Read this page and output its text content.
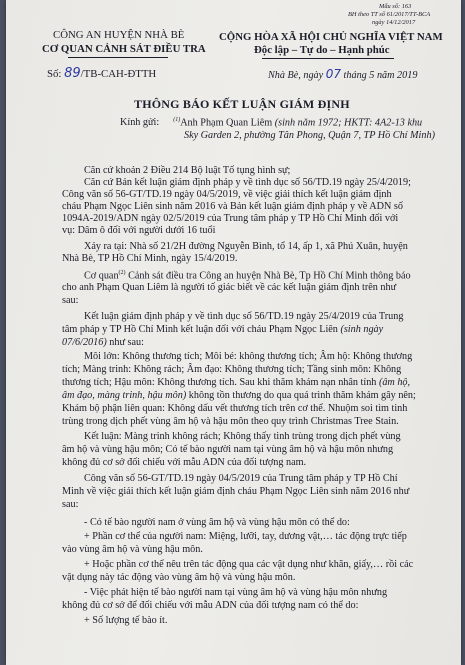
Mẫu số: 163
BH theo TT số 61/2017/TT-BCA
ngày 14/12/2017
CÔNG AN HUYỆN NHÀ BÈ
CƠ QUAN CẢNH SÁT ĐIỀU TRA
Số: 89/TB-CAH-ĐTTH
CỘNG HÒA XÃ HỘI CHỦ NGHĨA VIỆT NAM
Độc lập – Tự do – Hạnh phúc
Nhà Bè, ngày 07 tháng 5 năm 2019
THÔNG BÁO KẾT LUẬN GIÁM ĐỊNH
Kính gửi: $^{(1)}$Anh Phạm Quan Liêm (sinh năm 1972; HKTT: 4A2-13 khu
Sky Garden 2, phường Tân Phong, Quận 7, TP Hồ Chí Minh)
Căn cứ khoản 2 Điều 214 Bộ luật Tố tụng hình sự;
Căn cứ Bản kết luận giám định pháp y về tình dục số 56/TD.19 ngày 25/4/2019;
Công văn số 56-GT/TD.19 ngày 04/5/2019, về việc giải thích kết luận giám định
cháu Phạm Ngọc Liên sinh năm 2016 và Bản kết luận giám định pháp y về ADN số
1094A-2019/ADN ngày 02/5/2019 của Trung tâm pháp y TP Hồ Chí Minh đối với
vụ: Dâm ô đối với người dưới 16 tuổi
Xảy ra tại: Nhà số 21/2H đường Nguyễn Bình, tổ 14, ấp 1, xã Phú Xuân, huyện
Nhà Bè, TP Hồ Chí Minh, ngày 15/4/2019.
Cơ quan$^{(2)}$ Cảnh sát điều tra Công an huyện Nhà Bè, Tp Hồ Chí Minh thông báo
cho anh Phạm Quan Liêm là người tố giác biết về các kết luận giám định trên như
sau:
Kết luận giám định pháp y về tình dục số 56/TD.19 ngày 25/4/2019 của Trung
tâm pháp y TP Hồ Chí Minh kết luận đối với cháu Phạm Ngọc Liên (sinh ngày
07/6/2016) như sau:
Môi lớn: Không thương tích; Môi bé: không thương tích; Âm hộ: Không thương
tích; Màng trinh: Không rách; Âm đạo: Không thương tích; Tầng sinh môn: Không
thương tích; Hậu môn: Không thương tích. Sau khi thăm khám nạn nhân tính (âm hộ,
âm đạo, màng trinh, hậu môn) không tồn thương do qua quá trình thăm khám gây nên;
Khám bộ phận liên quan: Không dấu vết thương tích trên cơ thể. Nhuộm soi tìm tinh
trùng trong dịch phết vùng âm hộ và hậu môn theo quy trình Christmas Tree Stain.
Kết luận: Màng trinh không rách; Không thấy tinh trùng trong dịch phết vùng
âm hộ và vùng hậu môn; Có tế bào người nam tại vùng âm hộ và hậu môn nhưng
không đủ cơ sở đối chiếu với mẫu ADN của đối tượng nam.
Công văn số 56-GT/TD.19 ngày 04/5/2019 của Trung tâm pháp y TP Hồ Chí
Minh về việc giải thích kết luận giám định cháu Phạm Ngọc Liên sinh năm 2016 như
sau:
- Có tế bào người nam ở vùng âm hộ và vùng hậu môn có thể do:
+ Phần cơ thể của người nam: Miệng, lưỡi, tay, dương vật,… tác động trực tiếp
vào vùng âm hộ và vùng hậu môn.
+ Hoặc phần cơ thể nêu trên tác động qua các vật dụng như khăn, giấy,… rồi các
vật dụng này tác động vào vùng âm hộ và vùng hậu môn.
- Việc phát hiện tế bào người nam tại vùng âm hộ và vùng hậu môn nhưng
không đủ cơ sở để đối chiếu với mẫu ADN của đối tượng nam có thể do:
+ Số lượng tế bào ít.
